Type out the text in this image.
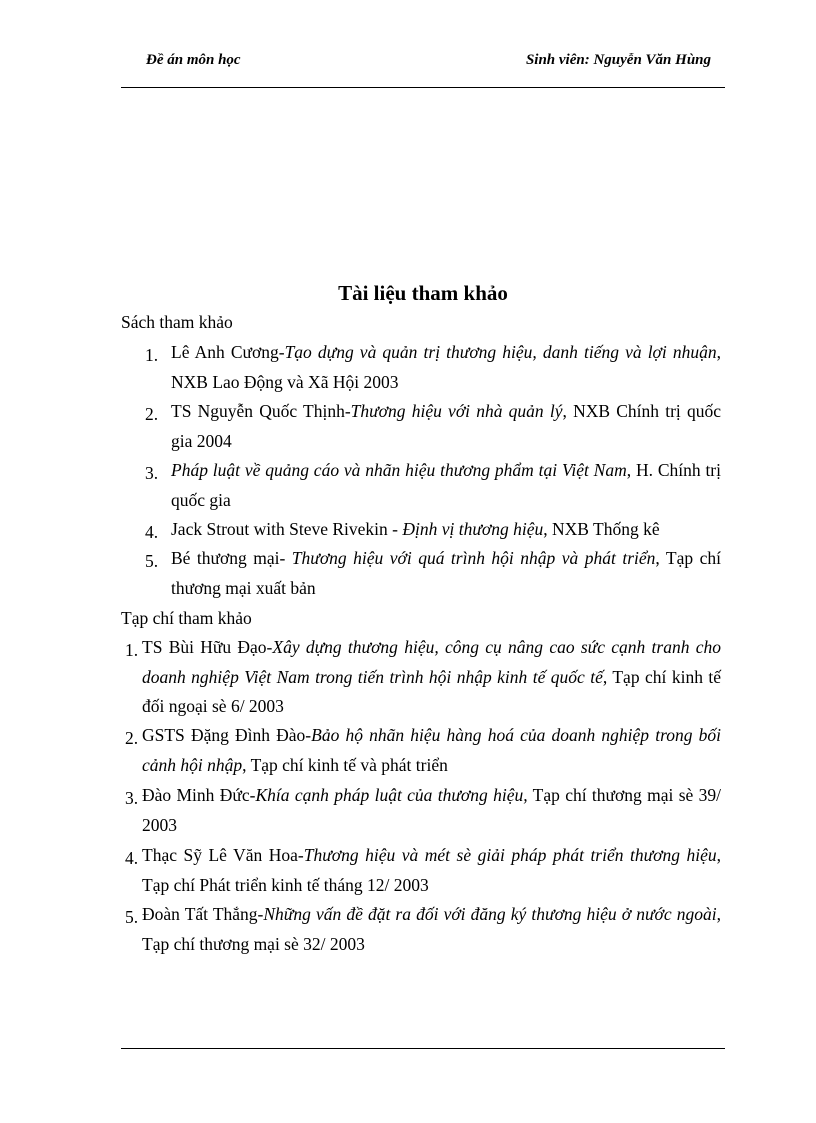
Đề án môn học	Sinh viên: Nguyễn Văn Hùng
Tài liệu tham khảo
Sách tham khảo
1. Lê Anh Cương-Tạo dựng và quản trị thương hiệu, danh tiếng và lợi nhuận, NXB Lao Động và Xã Hội 2003
2. TS Nguyễn Quốc Thịnh-Thương hiệu với nhà quản lý, NXB Chính trị quốc gia 2004
3. Pháp luật về quảng cáo và nhãn hiệu thương phẩm tại Việt Nam, H. Chính trị quốc gia
4. Jack Strout with Steve Rivekin - Định vị thương hiệu, NXB Thống kê
5. Bé thương mại- Thương hiệu với quá trình hội nhập và phát triển, Tạp chí thương mại xuất bản
Tạp chí tham khảo
1. TS Bùi Hữu Đạo-Xây dựng thương hiệu, công cụ nâng cao sức cạnh tranh cho doanh nghiệp Việt Nam trong tiến trình hội nhập kinh tế quốc tế, Tạp chí kinh tế đối ngoại sè 6/ 2003
2. GSTS Đặng Đình Đào-Bảo hộ nhãn hiệu hàng hoá của doanh nghiệp trong bối cảnh hội nhập, Tạp chí kinh tế và phát triển
3. Đào Minh Đức-Khía cạnh pháp luật của thương hiệu, Tạp chí thương mại sè 39/ 2003
4. Thạc Sỹ Lê Văn Hoa-Thương hiệu và mét sè giải pháp phát triển thương hiệu, Tạp chí Phát triển kinh tế tháng 12/ 2003
5. Đoàn Tất Thắng-Những vấn đề đặt ra đối với đăng ký thương hiệu ở nước ngoài, Tạp chí thương mại sè 32/ 2003
